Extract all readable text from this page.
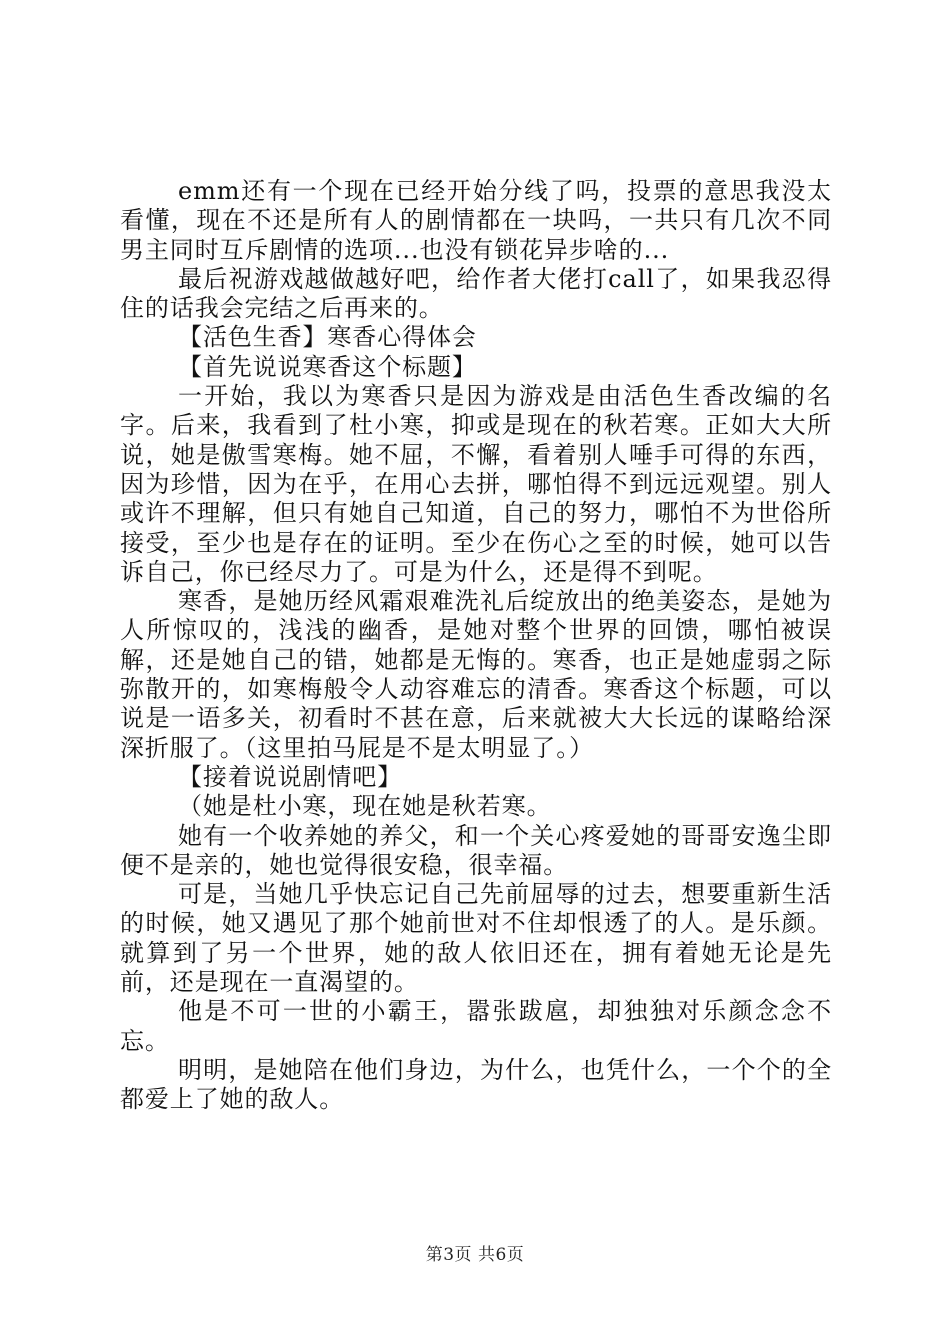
emm还有一个现在已经开始分线了吗，投票的意思我没太看懂，现在不还是所有人的剧情都在一块吗，一共只有几次不同男主同时互斥剧情的选项...也没有锁花异步啥的...

最后祝游戏越做越好吧，给作者大佬打call了，如果我忍得住的话我会完结之后再来的。

【活色生香】寒香心得体会

【首先说说寒香这个标题】

一开始，我以为寒香只是因为游戏是由活色生香改编的名字。后来，我看到了杜小寒，抑或是现在的秋若寒。正如大大所说，她是傲雪寒梅。她不屈，不懈，看着别人唾手可得的东西，因为珍惜，因为在乎，在用心去拼，哪怕得不到远远观望。别人或许不理解，但只有她自己知道，自己的努力，哪怕不为世俗所接受，至少也是存在的证明。至少在伤心之至的时候，她可以告诉自己，你已经尽力了。可是为什么，还是得不到呢。

寒香，是她历经风霜艰难洗礼后绽放出的绝美姿态，是她为人所惊叹的，浅浅的幽香，是她对整个世界的回馈，哪怕被误解，还是她自己的错，她都是无悔的。寒香，也正是她虚弱之际弥散开的，如寒梅般令人动容难忘的清香。寒香这个标题，可以说是一语多关，初看时不甚在意，后来就被大大长远的谋略给深深折服了。（这里拍马屁是不是太明显了。）

【接着说说剧情吧】

（她是杜小寒，现在她是秋若寒。

她有一个收养她的养父，和一个关心疼爱她的哥哥安逸尘即便不是亲的，她也觉得很安稳，很幸福。

可是，当她几乎快忘记自己先前屈辱的过去，想要重新生活的时候，她又遇见了那个她前世对不住却恨透了的人。是乐颜。就算到了另一个世界，她的敌人依旧还在，拥有着她无论是先前，还是现在一直渴望的。

他是不可一世的小霸王，嚣张跋扈，却独独对乐颜念念不忘。

明明，是她陪在他们身边，为什么，也凭什么，一个个的全都爱上了她的敌人。

第3页 共6页
